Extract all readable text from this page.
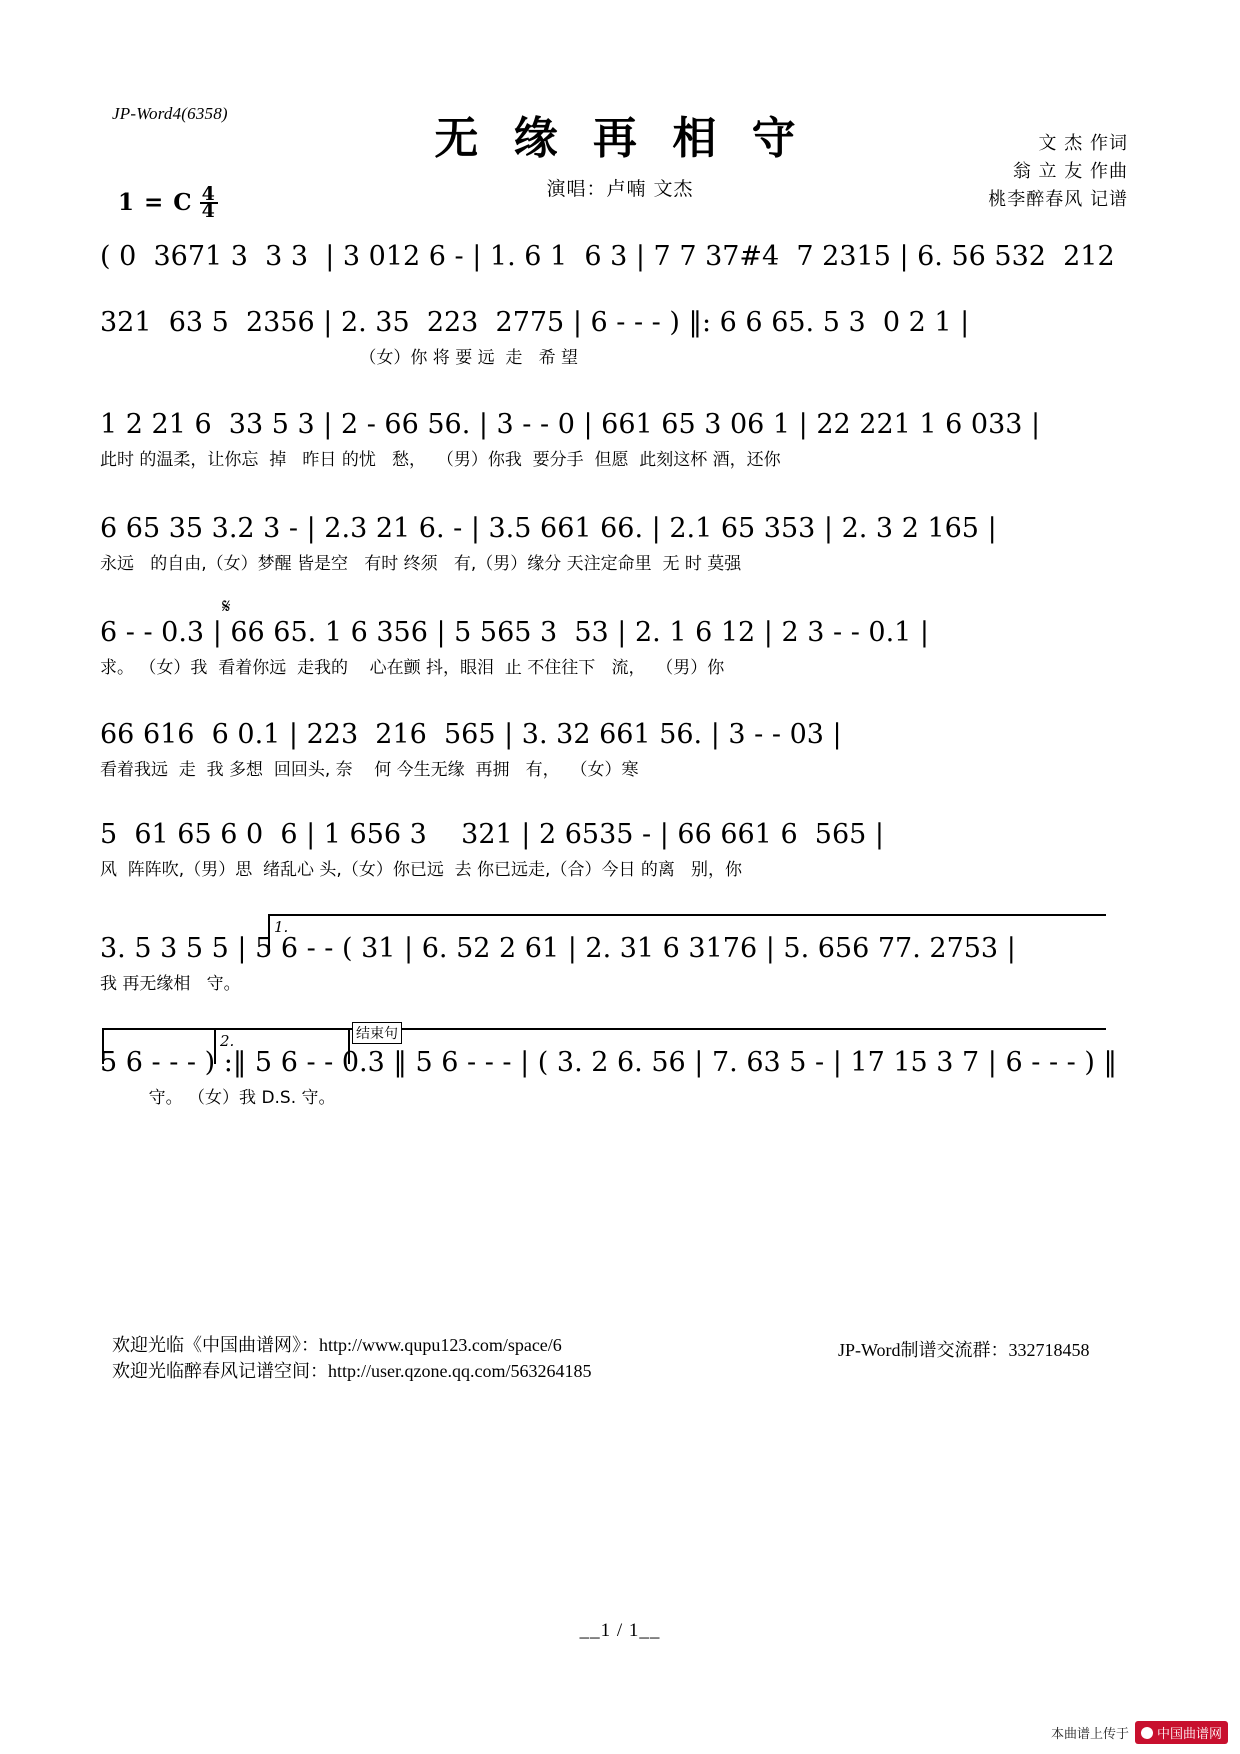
JP-Word4(6358)	无 缘 再 相 守
演唱：卢喃 文杰
文 杰 作词
翁 立 友 作曲
桃李醉春风 记谱
1 = C $\frac{4}{4}$
( 0  3671 3  3 3  | 3 012 6 - | 1. 6 1  6 3 | 7 7 37#4  7 2315 | 6. 56 532  212
321  63 5  2356 | 2. 35  223  2775 | 6 - - - ) ‖: 6 6 65. 5 3  0 2 1 |
（女）你 将 要 远  走   希 望
1 2 21 6  33 5 3 | 2 - 66 56. | 3 - - 0 | 661 65 3 06 1 | 22 221 1 6 033 |
此时 的温柔，让你忘  掉   昨日 的忧   愁，  （男）你我  要分手  但愿  此刻这杯 酒，还你
6 65 35 3.2 3 - | 2.3 21 6. - | 3.5 661 66. | 2.1 65 353 | 2. 3 2 165 |
永远   的自由,（女）梦醒 皆是空   有时 终须   有,（男）缘分 天注定命里  无 时 莫强
6 - - 0.3 | 66 65. 1 6 356 | 5 565 3  53 | 2. 1 6 12 | 2 3 - - 0.1 |
求。 （女）我  看着你远  走我的    心在颤 抖，眼泪  止 不住往下   流，  （男）你
𝄋
66 616  6 0.1 | 223  216  565 | 3. 32 661 56. | 3 - - 03 |
看着我远  走  我 多想  回回头, 奈    何 今生无缘  再拥   有，  （女）寒
5  61 65 6 0  6 | 1 656 3    321 | 2 6535 - | 66 661 6  565 |
风  阵阵吹,（男）思  绪乱心 头,（女）你已远  去 你已远走,（合）今日 的离   别，你
1.
3. 5 3 5 5 | 5 6 - - ( 31 | 6. 52 2 61 | 2. 31 6 3176 | 5. 656 77. 2753 |
我 再无缘相   守。
2.	结束句
5 6 - - - ) :‖ 5 6 - - 0.3 ‖ 5 6 - - - | ( 3. 2 6. 56 | 7. 63 5 - | 17 15 3 7 | 6 - - - ) ‖
守。 （女）我 D.S. 守。
欢迎光临《中国曲谱网》：http://www.qupu123.com/space/6
欢迎光临醉春风记谱空间：http://user.qzone.qq.com/563264185
JP-Word制谱交流群：332718458
__1 / 1__
本曲谱上传于 中国曲谱网
